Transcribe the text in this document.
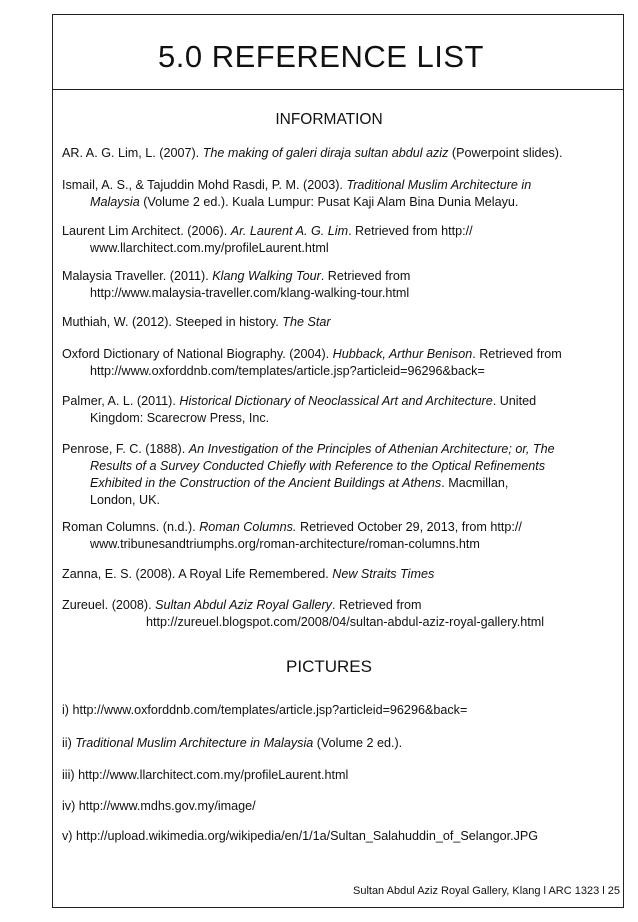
5.0 REFERENCE LIST
INFORMATION

AR. A. G. Lim, L. (2007). The making of galeri diraja sultan abdul aziz (Powerpoint slides).

Ismail, A. S., & Tajuddin Mohd Rasdi, P. M. (2003). Traditional Muslim Architecture in
Malaysia (Volume 2 ed.). Kuala Lumpur: Pusat Kaji Alam Bina Dunia Melayu.

Laurent Lim Architect. (2006). Ar. Laurent A. G. Lim. Retrieved from http://
www.llarchitect.com.my/profileLaurent.html

Malaysia Traveller. (2011). Klang Walking Tour. Retrieved from
http://www.malaysia-traveller.com/klang-walking-tour.html

Muthiah, W. (2012). Steeped in history. The Star

Oxford Dictionary of National Biography. (2004). Hubback, Arthur Benison. Retrieved from
http://www.oxforddnb.com/templates/article.jsp?articleid=96296&back=

Palmer, A. L. (2011). Historical Dictionary of Neoclassical Art and Architecture. United
Kingdom: Scarecrow Press, Inc.

Penrose, F. C. (1888). An Investigation of the Principles of Athenian Architecture; or, The
Results of a Survey Conducted Chiefly with Reference to the Optical Refinements
Exhibited in the Construction of the Ancient Buildings at Athens. Macmillan,
London, UK.

Roman Columns. (n.d.). Roman Columns. Retrieved October 29, 2013, from http://
www.tribunesandtriumphs.org/roman-architecture/roman-columns.htm

Zanna, E. S. (2008). A Royal Life Remembered. New Straits Times

Zureuel. (2008). Sultan Abdul Aziz Royal Gallery. Retrieved from
http://zureuel.blogspot.com/2008/04/sultan-abdul-aziz-royal-gallery.html

PICTURES

i) http://www.oxforddnb.com/templates/article.jsp?articleid=96296&back=

ii) Traditional Muslim Architecture in Malaysia (Volume 2 ed.).

iii) http://www.llarchitect.com.my/profileLaurent.html

iv) http://www.mdhs.gov.my/image/

v) http://upload.wikimedia.org/wikipedia/en/1/1a/Sultan_Salahuddin_of_Selangor.JPG

Sultan Abdul Aziz Royal Gallery, Klang l ARC 1323 l 25
